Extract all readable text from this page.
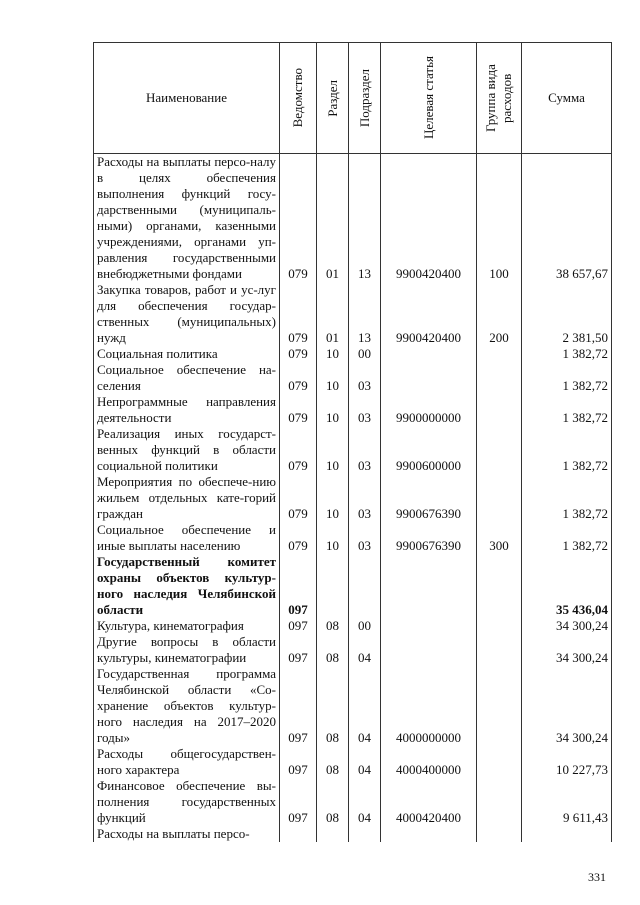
Наименование	Ведомство	Раздел	Подраздел	Целевая статья	Группа вида расходов	Сумма
Расходы на выплаты персо-налу в целях обеспечения выполнения функций госу-дарственными (муниципаль-ными) органами, казенными учреждениями, органами уп-равления государственными внебюджетными фондами	079	01	13	9900420400	100	38 657,67
Закупка товаров, работ и ус-луг для обеспечения государ-ственных (муниципальных) нужд	079	01	13	9900420400	200	2 381,50
Социальная политика	079	10	00			1 382,72
Социальное обеспечение на-селения	079	10	03			1 382,72
Непрограммные направления деятельности	079	10	03	9900000000		1 382,72
Реализация иных государст-венных функций в области социальной политики	079	10	03	9900600000		1 382,72
Мероприятия по обеспече-нию жильем отдельных кате-горий граждан	079	10	03	9900676390		1 382,72
Социальное обеспечение и иные выплаты населению	079	10	03	9900676390	300	1 382,72
Государственный комитет охраны объектов культур-ного наследия Челябинской области	097					35 436,04
Культура, кинематография	097	08	00			34 300,24
Другие вопросы в области культуры, кинематографии	097	08	04			34 300,24
Государственная программа Челябинской области «Со-хранение объектов культур-ного наследия на 2017–2020 годы»	097	08	04	4000000000		34 300,24
Расходы общегосударствен-ного характера	097	08	04	4000400000		10 227,73
Финансовое обеспечение вы-полнения государственных функций	097	08	04	4000420400		9 611,43
Расходы на выплаты персо-						
331
